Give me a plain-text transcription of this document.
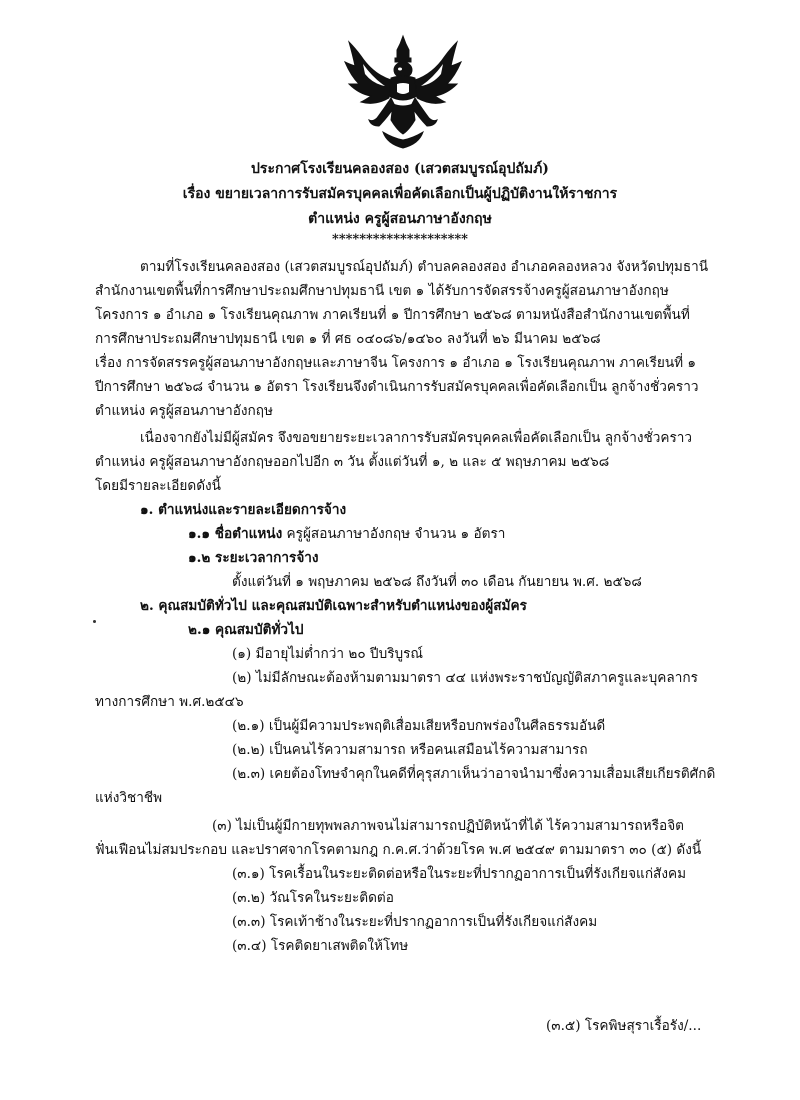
ประกาศโรงเรียนคลองสอง (เสวตสมบูรณ์อุปถัมภ์)
เรื่อง ขยายเวลาการรับสมัครบุคคลเพื่อคัดเลือกเป็นผู้ปฏิบัติงานให้ราชการ
ตำแหน่ง ครูผู้สอนภาษาอังกฤษ
********************
ตามที่โรงเรียนคลองสอง (เสวตสมบูรณ์อุปถัมภ์) ตำบลคลองสอง อำเภอคลองหลวง จังหวัดปทุมธานี
สำนักงานเขตพื้นที่การศึกษาประถมศึกษาปทุมธานี เขต ๑ ได้รับการจัดสรรจ้างครูผู้สอนภาษาอังกฤษ
โครงการ ๑ อำเภอ ๑ โรงเรียนคุณภาพ ภาคเรียนที่ ๑ ปีการศึกษา ๒๕๖๘ ตามหนังสือสำนักงานเขตพื้นที่
การศึกษาประถมศึกษาปทุมธานี เขต ๑ ที่ ศธ ๐๔๐๘๖/๑๔๖๐ ลงวันที่ ๒๖ มีนาคม ๒๕๖๘
เรื่อง การจัดสรรครูผู้สอนภาษาอังกฤษและภาษาจีน โครงการ ๑ อำเภอ ๑ โรงเรียนคุณภาพ ภาคเรียนที่ ๑
ปีการศึกษา ๒๕๖๘ จำนวน ๑ อัตรา โรงเรียนจึงดำเนินการรับสมัครบุคคลเพื่อคัดเลือกเป็น ลูกจ้างชั่วคราว
ตำแหน่ง ครูผู้สอนภาษาอังกฤษ
เนื่องจากยังไม่มีผู้สมัคร จึงขอขยายระยะเวลาการรับสมัครบุคคลเพื่อคัดเลือกเป็น ลูกจ้างชั่วคราว
ตำแหน่ง ครูผู้สอนภาษาอังกฤษออกไปอีก ๓ วัน ตั้งแต่วันที่ ๑, ๒ และ ๕ พฤษภาคม ๒๕๖๘
โดยมีรายละเอียดดังนี้
๑. ตำแหน่งและรายละเอียดการจ้าง
๑.๑ ชื่อตำแหน่ง ครูผู้สอนภาษาอังกฤษ จำนวน ๑ อัตรา
๑.๒ ระยะเวลาการจ้าง
ตั้งแต่วันที่ ๑ พฤษภาคม ๒๕๖๘ ถึงวันที่ ๓๐ เดือน กันยายน พ.ศ. ๒๕๖๘
๒. คุณสมบัติทั่วไป และคุณสมบัติเฉพาะสำหรับตำแหน่งของผู้สมัคร
๒.๑ คุณสมบัติทั่วไป
(๑) มีอายุไม่ต่ำกว่า ๒๐ ปีบริบูรณ์
(๒) ไม่มีลักษณะต้องห้ามตามมาตรา ๔๔ แห่งพระราชบัญญัติสภาครูและบุคลากร
ทางการศึกษา พ.ศ.๒๕๔๖
(๒.๑) เป็นผู้มีความประพฤติเสื่อมเสียหรือบกพร่องในศีลธรรมอันดี
(๒.๒) เป็นคนไร้ความสามารถ หรือคนเสมือนไร้ความสามารถ
(๒.๓) เคยต้องโทษจำคุกในคดีที่คุรุสภาเห็นว่าอาจนำมาซึ่งความเสื่อมเสียเกียรติศักดิ
แห่งวิชาชีพ
(๓) ไม่เป็นผู้มีกายทุพพลภาพจนไม่สามารถปฏิบัติหน้าที่ได้ ไร้ความสามารถหรือจิต
ฟั่นเฟือนไม่สมประกอบ และปราศจากโรคตามกฎ ก.ค.ศ.ว่าด้วยโรค พ.ศ ๒๕๔๙ ตามมาตรา ๓๐ (๕) ดังนี้
(๓.๑) โรคเรื้อนในระยะติดต่อหรือในระยะที่ปรากฏอาการเป็นที่รังเกียจแก่สังคม
(๓.๒) วัณโรคในระยะติดต่อ
(๓.๓) โรคเท้าช้างในระยะที่ปรากฏอาการเป็นที่รังเกียจแก่สังคม
(๓.๔) โรคติดยาเสพติดให้โทษ
(๓.๕) โรคพิษสุราเรื้อรัง/...
